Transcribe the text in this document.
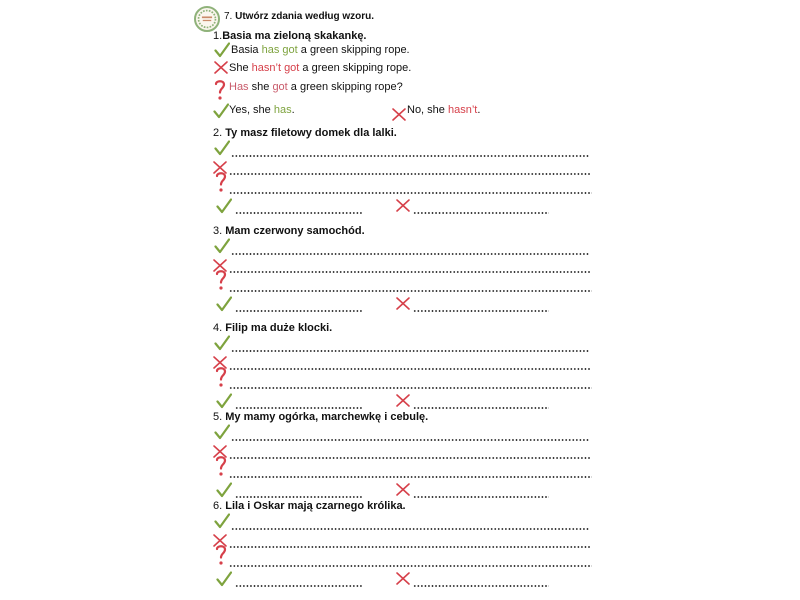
7. Utwórz zdania według wzoru.
1.Basia ma zieloną skakankę.
Basia has got a green skipping rope.
She hasn’t got a green skipping rope.
Has she got a green skipping rope?
Yes, she has.	No, she hasn’t.
2. Ty masz filetowy domek dla lalki.
3. Mam czerwony samochód.
4. Filip ma duże klocki.
5. My mamy ogórka, marchewkę i cebulę.
6. Lila i Oskar mają czarnego królika.
